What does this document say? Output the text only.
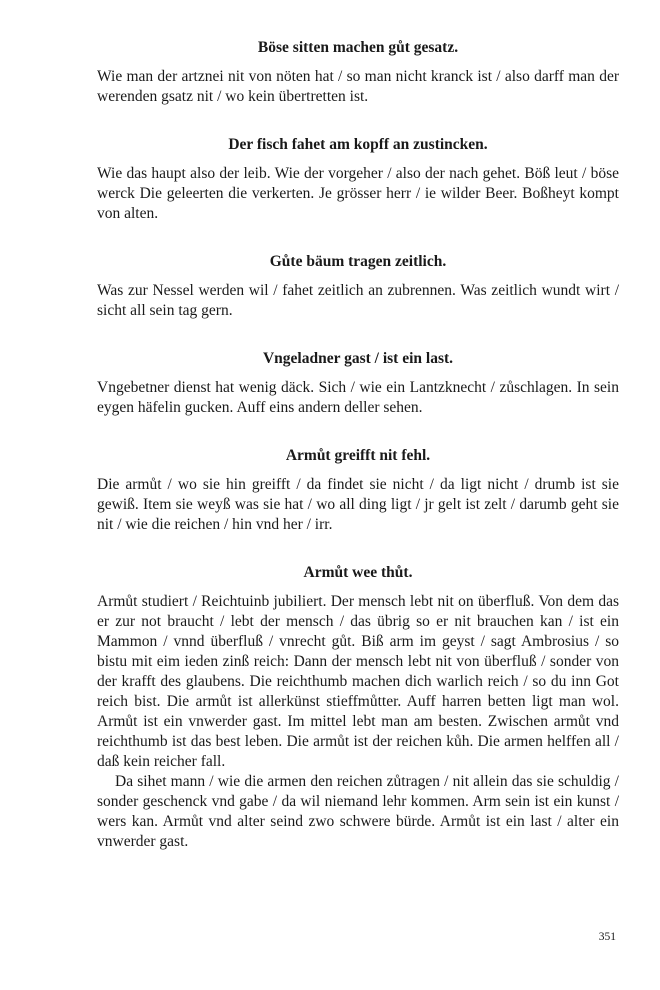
Böse sitten machen gůt gesatz.

Wie man der artznei nit von nöten hat / so man nicht kranck ist / also darff man der werenden gsatz nit / wo kein übertretten ist.

Der fisch fahet am kopff an zustincken.

Wie das haupt also der leib. Wie der vorgeher / also der nach gehet. Böß leut / böse werck Die geleerten die verkerten. Je grösser herr / ie wilder Beer. Boßheyt kompt von alten.

Gůte bäum tragen zeitlich.

Was zur Nessel werden wil / fahet zeitlich an zubrennen. Was zeitlich wundt wirt / sicht all sein tag gern.

Vngeladner gast / ist ein last.

Vngebetner dienst hat wenig däck. Sich / wie ein Lantzknecht / zůschlagen. In sein eygen häfelin gucken. Auff eins andern deller sehen.

Armůt greifft nit fehl.

Die armůt / wo sie hin greifft / da findet sie nicht / da ligt nicht / drumb ist sie gewiß. Item sie weyß was sie hat / wo all ding ligt / jr gelt ist zelt / darumb geht sie nit / wie die reichen / hin vnd her / irr.

Armůt wee thůt.

Armůt studiert / Reichtuinb jubiliert. Der mensch lebt nit on überfluß. Von dem das er zur not braucht / lebt der mensch / das übrig so er nit brauchen kan / ist ein Mammon / vnnd überfluß / vnrecht gůt. Biß arm im geyst / sagt Ambrosius / so bistu mit eim ieden zinß reich: Dann der mensch lebt nit von überfluß / sonder von der krafft des glaubens. Die reichthumb machen dich warlich reich / so du inn Got reich bist. Die armůt ist allerkünst stieffmůtter. Auff harren betten ligt man wol. Armůt ist ein vnwerder gast. Im mittel lebt man am besten. Zwischen armůt vnd reichthumb ist das best leben. Die armůt ist der reichen kůh. Die armen helffen all / daß kein reicher fall.

Da sihet mann / wie die armen den reichen zůtragen / nit allein das sie schuldig / sonder geschenck vnd gabe / da wil niemand lehr kommen. Arm sein ist ein kunst / wers kan. Armůt vnd alter seind zwo schwere bürde. Armůt ist ein last / alter ein vnwerder gast.

351
